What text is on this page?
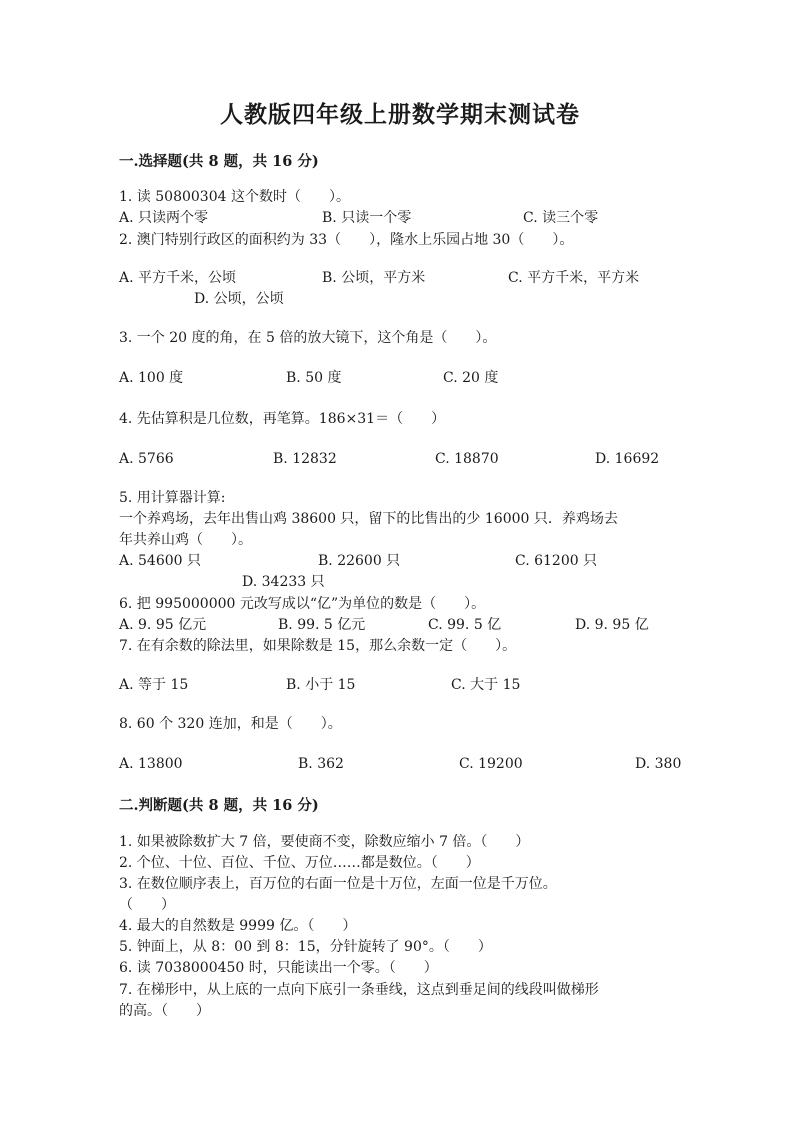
人教版四年级上册数学期末测试卷
一.选择题(共 8 题，共 16 分)
1. 读 50800304 这个数时（　　）。
A. 只读两个零	B. 只读一个零	C. 读三个零
2. 澳门特别行政区的面积约为 33（　　），隆水上乐园占地 30（　　）。
A. 平方千米，公顷	B. 公顷，平方米	C. 平方千米，平方米
D. 公顷，公顷
3. 一个 20 度的角，在 5 倍的放大镜下，这个角是（　　）。
A. 100 度	B. 50 度	C. 20 度
4. 先估算积是几位数，再笔算。186×31＝（　　）
A. 5766	B. 12832	C. 18870	D. 16692
5. 用计算器计算:
一个养鸡场，去年出售山鸡 38600 只，留下的比售出的少 16000 只．养鸡场去
年共养山鸡（　　）。
A. 54600 只	B. 22600 只	C. 61200 只
D. 34233 只
6. 把 995000000 元改写成以“亿”为单位的数是（　　）。
A. 9. 95 亿元	B. 99. 5 亿元	C. 99. 5 亿	D. 9. 95 亿
7. 在有余数的除法里，如果除数是 15，那么余数一定（　　）。
A. 等于 15	B. 小于 15	C. 大于 15
8. 60 个 320 连加，和是（　　）。
A. 13800	B. 362	C. 19200	D. 380
二.判断题(共 8 题，共 16 分)
1. 如果被除数扩大 7 倍，要使商不变，除数应缩小 7 倍。（　　）
2. 个位、十位、百位、千位、万位……都是数位。（　　）
3. 在数位顺序表上，百万位的右面一位是十万位，左面一位是千万位。
（　　）
4. 最大的自然数是 9999 亿。（　　）
5. 钟面上，从 8：00 到 8：15，分针旋转了 90°。（　　）
6. 读 7038000450 时，只能读出一个零。（　　）
7. 在梯形中，从上底的一点向下底引一条垂线，这点到垂足间的线段叫做梯形
的高。（　　）
